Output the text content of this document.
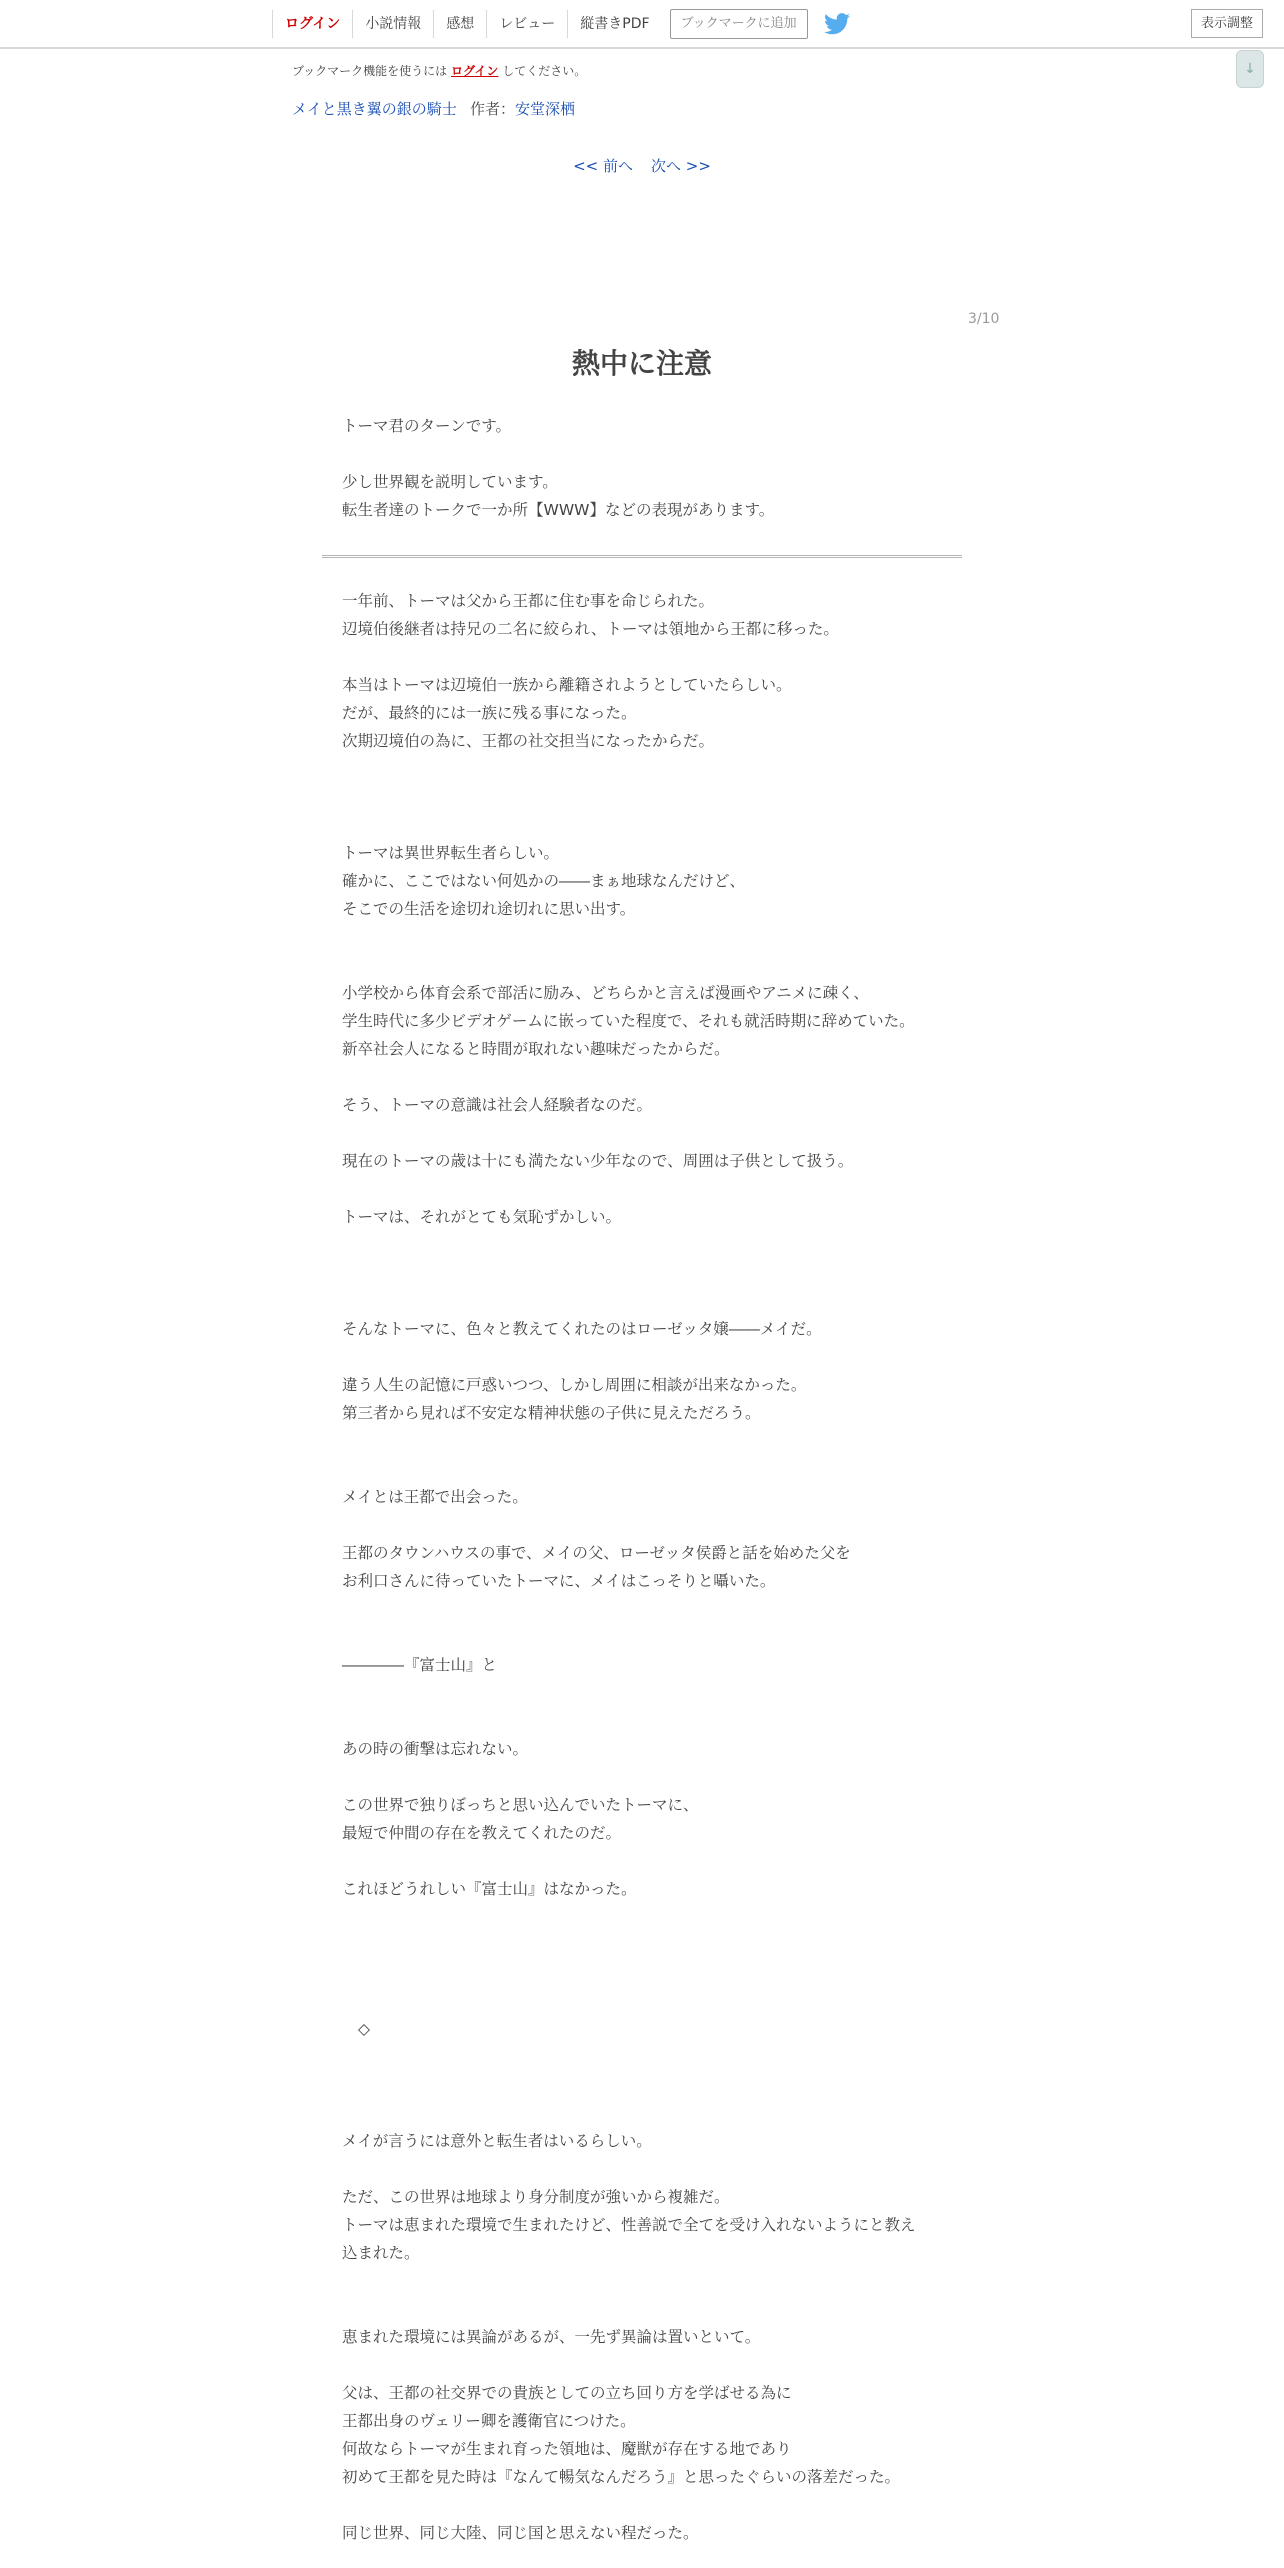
ログイン	小説情報	感想	レビュー	縦書きPDF	ブックマークに追加	表示調整
↓
ブックマーク機能を使うには ログイン してください。
メイと黒き翼の銀の騎士 作者：安堂深栖
<< 前へ 次へ >>
3/10
熱中に注意
トーマ君のターンです。
少し世界観を説明しています。
転生者達のトークで一か所【WWW】などの表現があります。
一年前、トーマは父から王都に住む事を命じられた。
辺境伯後継者は持兄の二名に絞られ、トーマは領地から王都に移った。
本当はトーマは辺境伯一族から離籍されようとしていたらしい。
だが、最終的には一族に残る事になった。
次期辺境伯の為に、王都の社交担当になったからだ。
トーマは異世界転生者らしい。
確かに、ここではない何処かの――まぁ地球なんだけど、
そこでの生活を途切れ途切れに思い出す。
小学校から体育会系で部活に励み、どちらかと言えば漫画やアニメに疎く、
学生時代に多少ビデオゲームに嵌っていた程度で、それも就活時期に辞めていた。
新卒社会人になると時間が取れない趣味だったからだ。
そう、トーマの意識は社会人経験者なのだ。
現在のトーマの歳は十にも満たない少年なので、周囲は子供として扱う。
トーマは、それがとても気恥ずかしい。
そんなトーマに、色々と教えてくれたのはローゼッタ嬢――メイだ。
違う人生の記憶に戸惑いつつ、しかし周囲に相談が出来なかった。
第三者から見れば不安定な精神状態の子供に見えただろう。
メイとは王都で出会った。
王都のタウンハウスの事で、メイの父、ローゼッタ侯爵と話を始めた父を
お利口さんに待っていたトーマに、メイはこっそりと囁いた。
――――『富士山』と
あの時の衝撃は忘れない。
この世界で独りぼっちと思い込んでいたトーマに、
最短で仲間の存在を教えてくれたのだ。
これほどうれしい『富士山』はなかった。
◇
メイが言うには意外と転生者はいるらしい。
ただ、この世界は地球より身分制度が強いから複雑だ。
トーマは恵まれた環境で生まれたけど、性善説で全てを受け入れないようにと教え
込まれた。
恵まれた環境には異論があるが、一先ず異論は置いといて。
父は、王都の社交界での貴族としての立ち回り方を学ばせる為に
王都出身のヴェリー卿を護衛官につけた。
何故ならトーマが生まれ育った領地は、魔獣が存在する地であり
初めて王都を見た時は『なんて暢気なんだろう』と思ったぐらいの落差だった。
同じ世界、同じ大陸、同じ国と思えない程だった。
